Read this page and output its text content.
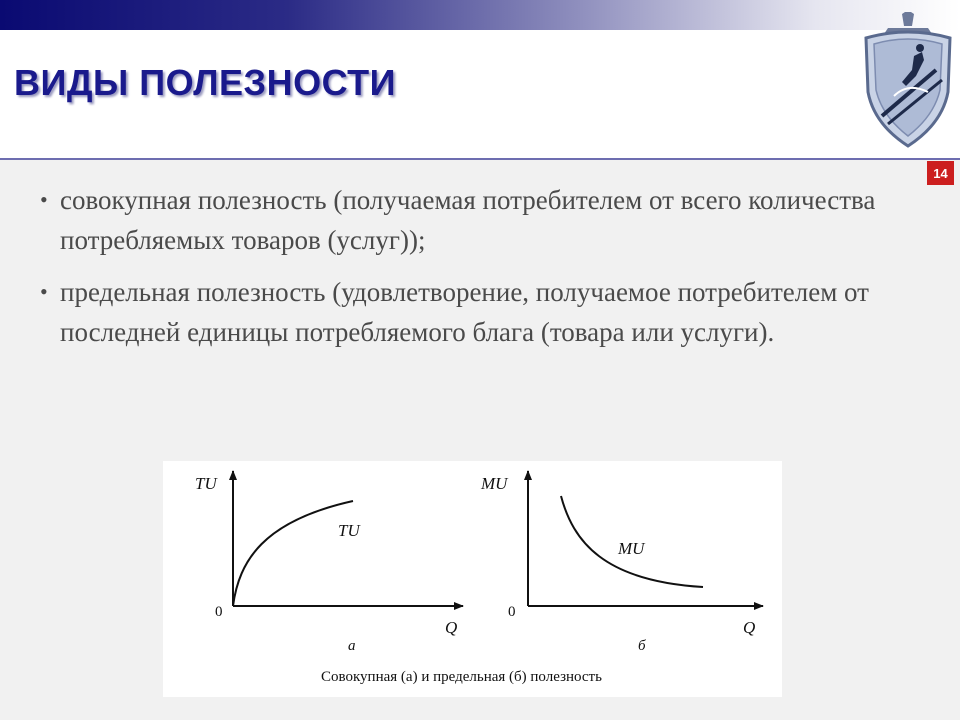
ВИДЫ ПОЛЕЗНОСТИ
14
• совокупная полезность (получаемая потребителем от всего количества потребляемых товаров (услуг));
• предельная полезность (удовлетворение, получаемое потребителем от последней единицы потребляемого блага (товара или услуги).
TU
0
TU
Q
а
MU
0
MU
Q
б
Совокупная (а) и предельная (б) полезность
